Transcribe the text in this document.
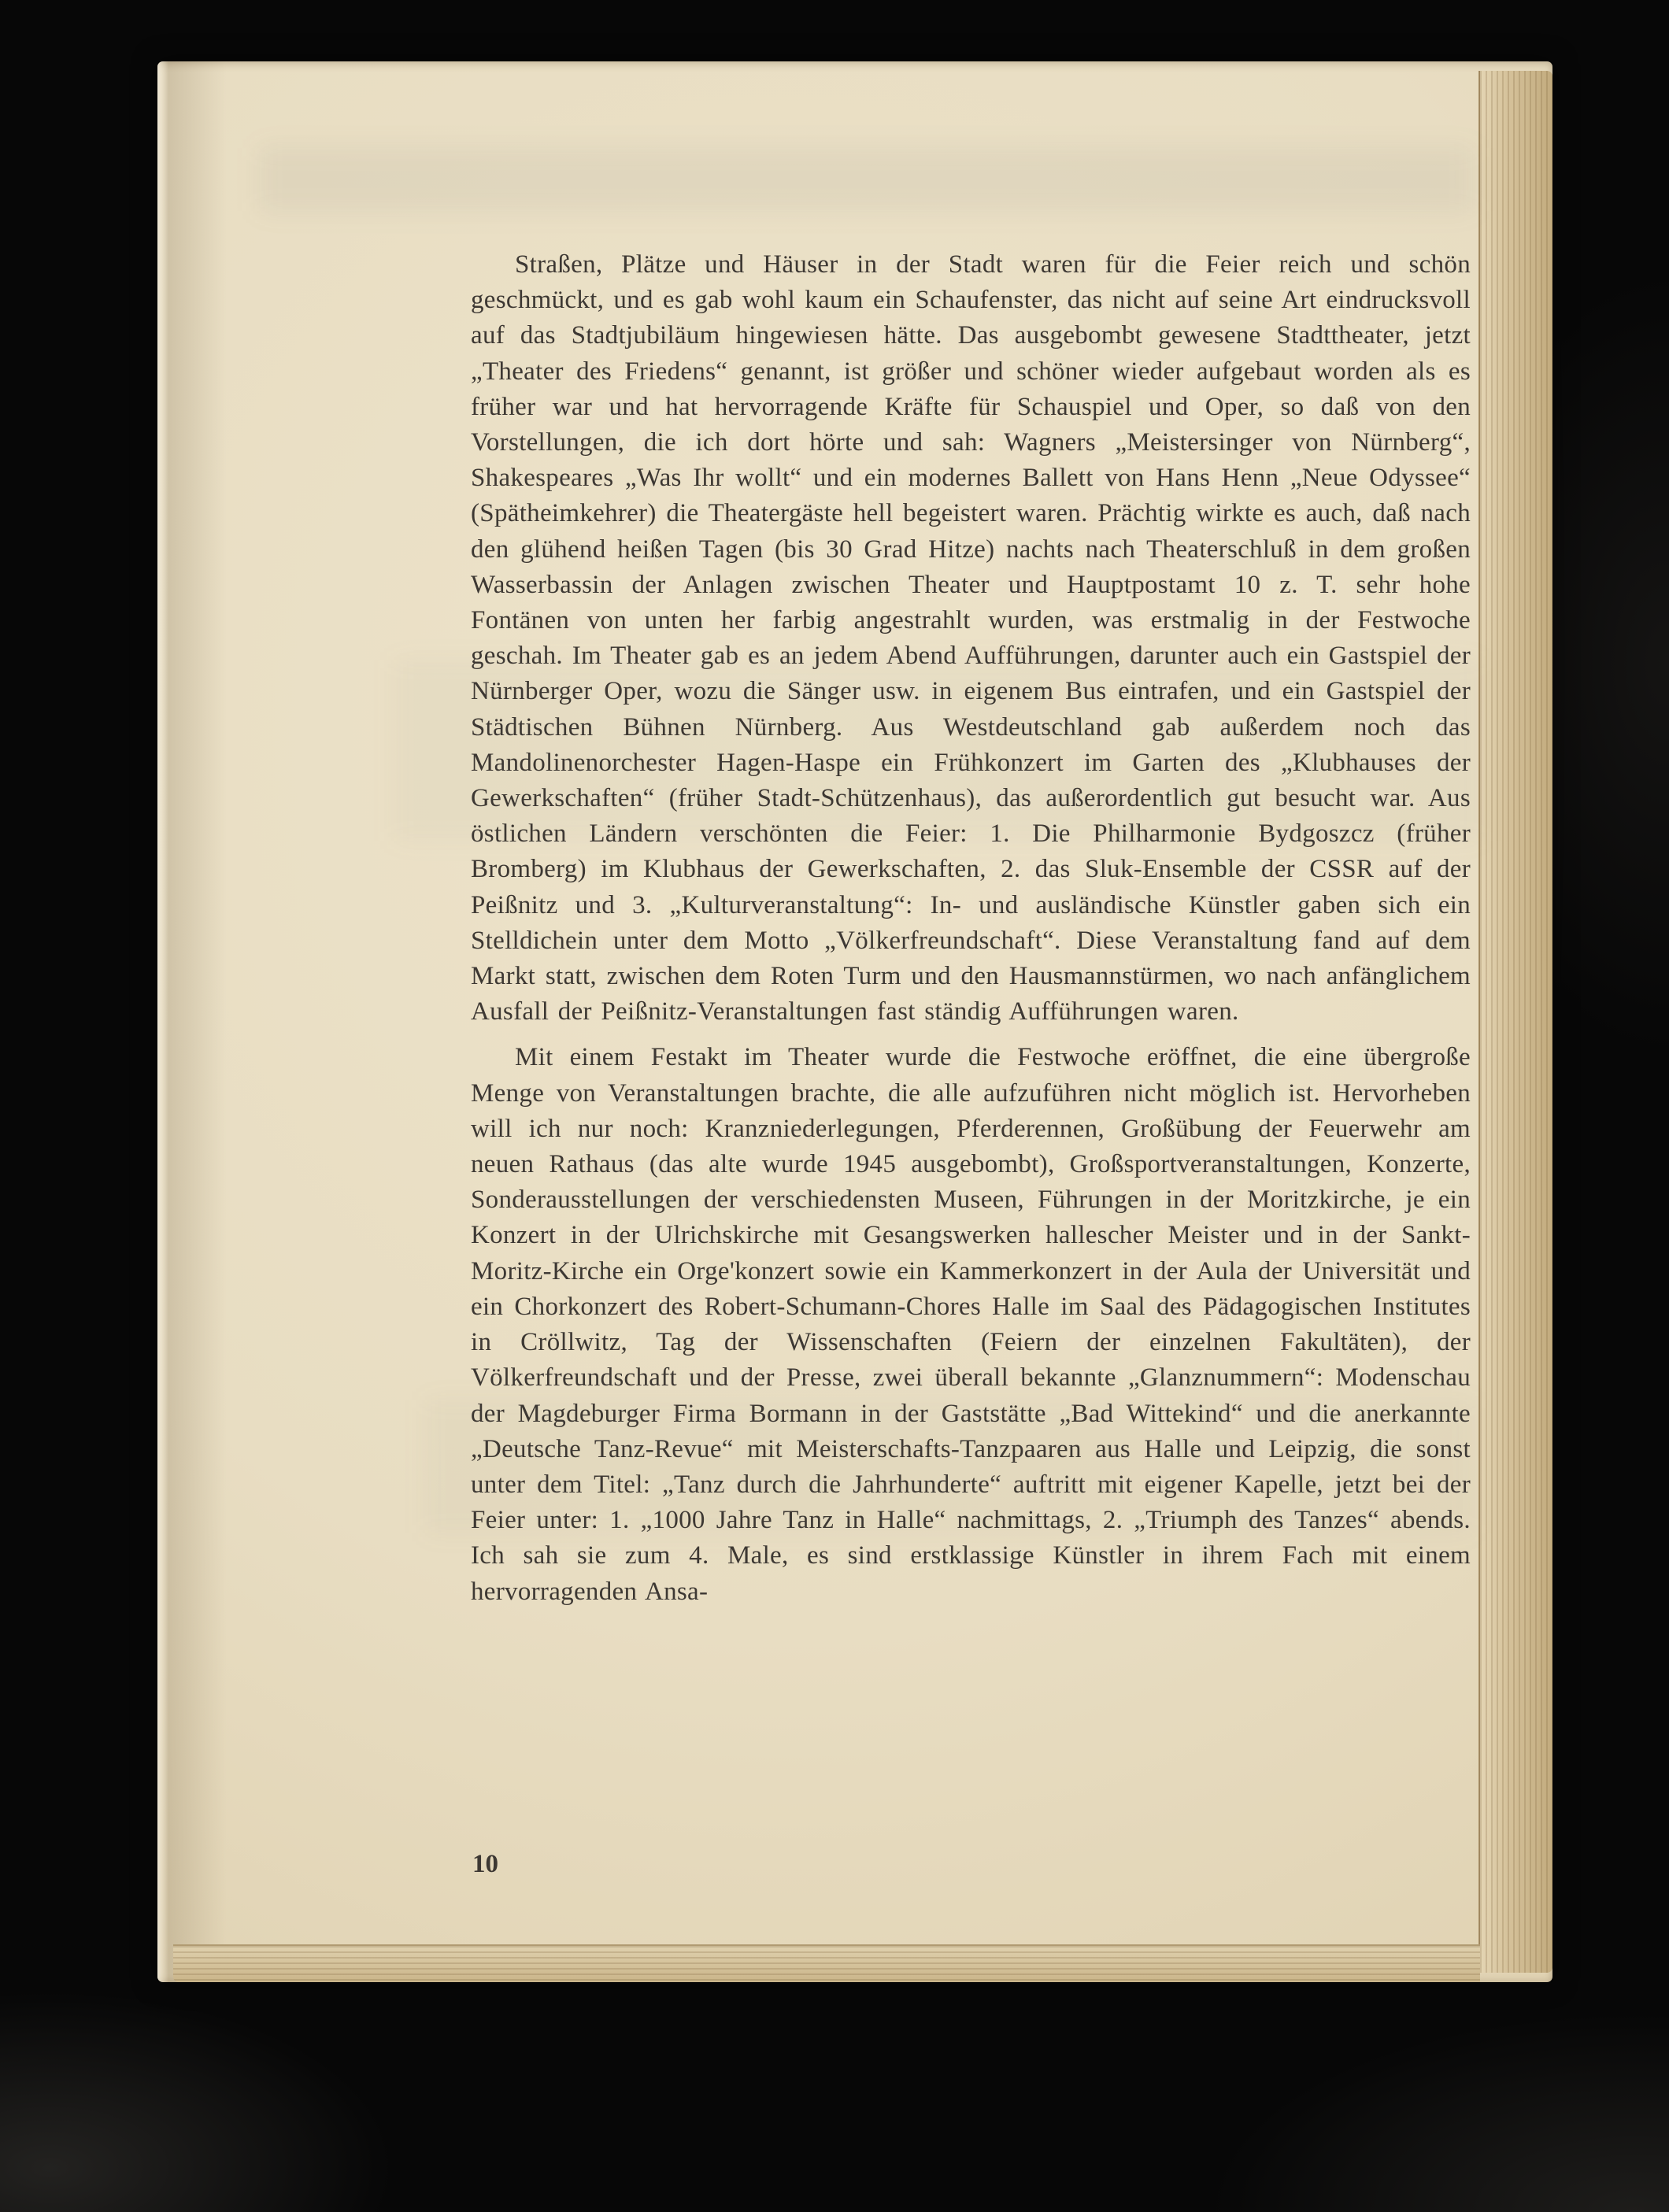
Straßen, Plätze und Häuser in der Stadt waren für die Feier reich und schön geschmückt, und es gab wohl kaum ein Schaufenster, das nicht auf seine Art eindrucksvoll auf das Stadtjubiläum hingewiesen hätte. Das ausgebombt gewesene Stadttheater, jetzt „Theater des Friedens“ genannt, ist größer und schöner wieder aufgebaut worden als es früher war und hat hervorragende Kräfte für Schauspiel und Oper, so daß von den Vorstellungen, die ich dort hörte und sah: Wagners „Meistersinger von Nürnberg“, Shakespeares „Was Ihr wollt“ und ein modernes Ballett von Hans Henn „Neue Odyssee“ (Spätheimkehrer) die Theatergäste hell begeistert waren. Prächtig wirkte es auch, daß nach den glühend heißen Tagen (bis 30 Grad Hitze) nachts nach Theaterschluß in dem großen Wasserbassin der Anlagen zwischen Theater und Hauptpostamt 10 z. T. sehr hohe Fontänen von unten her farbig angestrahlt wurden, was erstmalig in der Festwoche geschah. Im Theater gab es an jedem Abend Aufführungen, darunter auch ein Gastspiel der Nürnberger Oper, wozu die Sänger usw. in eigenem Bus eintrafen, und ein Gastspiel der Städtischen Bühnen Nürnberg. Aus Westdeutschland gab außerdem noch das Mandolinenorchester Hagen-Haspe ein Frühkonzert im Garten des „Klubhauses der Gewerkschaften“ (früher Stadt-Schützenhaus), das außerordentlich gut besucht war. Aus östlichen Ländern verschönten die Feier: 1. Die Philharmonie Bydgoszcz (früher Bromberg) im Klubhaus der Gewerkschaften, 2. das Sluk-Ensemble der CSSR auf der Peißnitz und 3. „Kulturveranstaltung“: In- und ausländische Künstler gaben sich ein Stelldichein unter dem Motto „Völkerfreundschaft“. Diese Veranstaltung fand auf dem Markt statt, zwischen dem Roten Turm und den Hausmannstürmen, wo nach anfänglichem Ausfall der Peißnitz-Veranstaltungen fast ständig Aufführungen waren.

Mit einem Festakt im Theater wurde die Festwoche eröffnet, die eine übergroße Menge von Veranstaltungen brachte, die alle aufzuführen nicht möglich ist. Hervorheben will ich nur noch: Kranzniederlegungen, Pferderennen, Großübung der Feuerwehr am neuen Rathaus (das alte wurde 1945 ausgebombt), Großsportveranstaltungen, Konzerte, Sonderausstellungen der verschiedensten Museen, Führungen in der Moritzkirche, je ein Konzert in der Ulrichskirche mit Gesangswerken hallescher Meister und in der Sankt-Moritz-Kirche ein Orge'konzert sowie ein Kammerkonzert in der Aula der Universität und ein Chorkonzert des Robert-Schumann-Chores Halle im Saal des Pädagogischen Institutes in Cröllwitz, Tag der Wissenschaften (Feiern der einzelnen Fakultäten), der Völkerfreundschaft und der Presse, zwei überall bekannte „Glanznummern“: Modenschau der Magdeburger Firma Bormann in der Gaststätte „Bad Wittekind“ und die anerkannte „Deutsche Tanz-Revue“ mit Meisterschafts-Tanzpaaren aus Halle und Leipzig, die sonst unter dem Titel: „Tanz durch die Jahrhunderte“ auftritt mit eigener Kapelle, jetzt bei der Feier unter: 1. „1000 Jahre Tanz in Halle“ nachmittags, 2. „Triumph des Tanzes“ abends. Ich sah sie zum 4. Male, es sind erstklassige Künstler in ihrem Fach mit einem hervorragenden Ansa-

10
